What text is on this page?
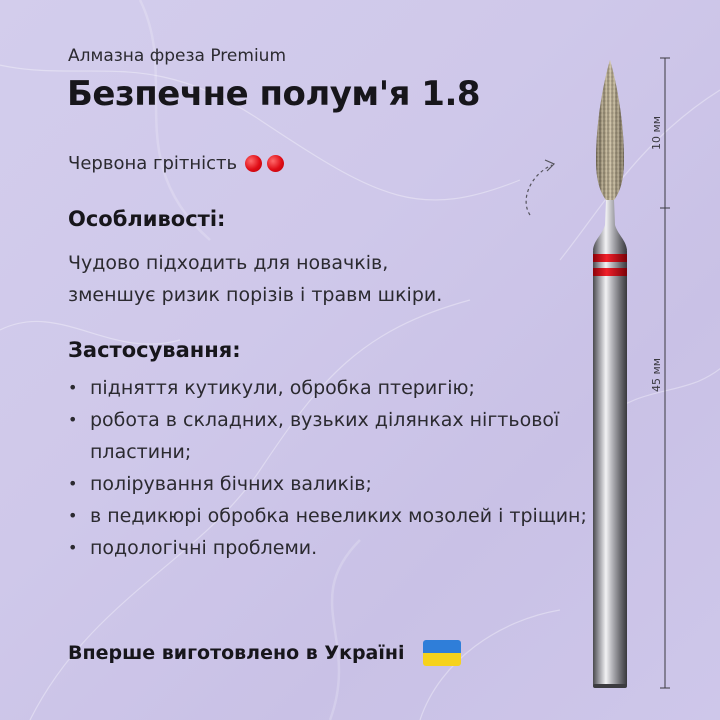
Алмазна фреза Premium
Безпечне полум'я 1.8
Червона грітність
Особливості:
Чудово підходить для новачків,
зменшує ризик порізів і травм шкіри.
Застосування:
• підняття кутикули, обробка птеригію;
• робота в складних, вузьких ділянках нігтьової пластини;
• полірування бічних валиків;
• в педикюрі обробка невеликих мозолей і тріщин;
• подологічні проблеми.
Вперше виготовлено в Україні
10 мм
45 мм
